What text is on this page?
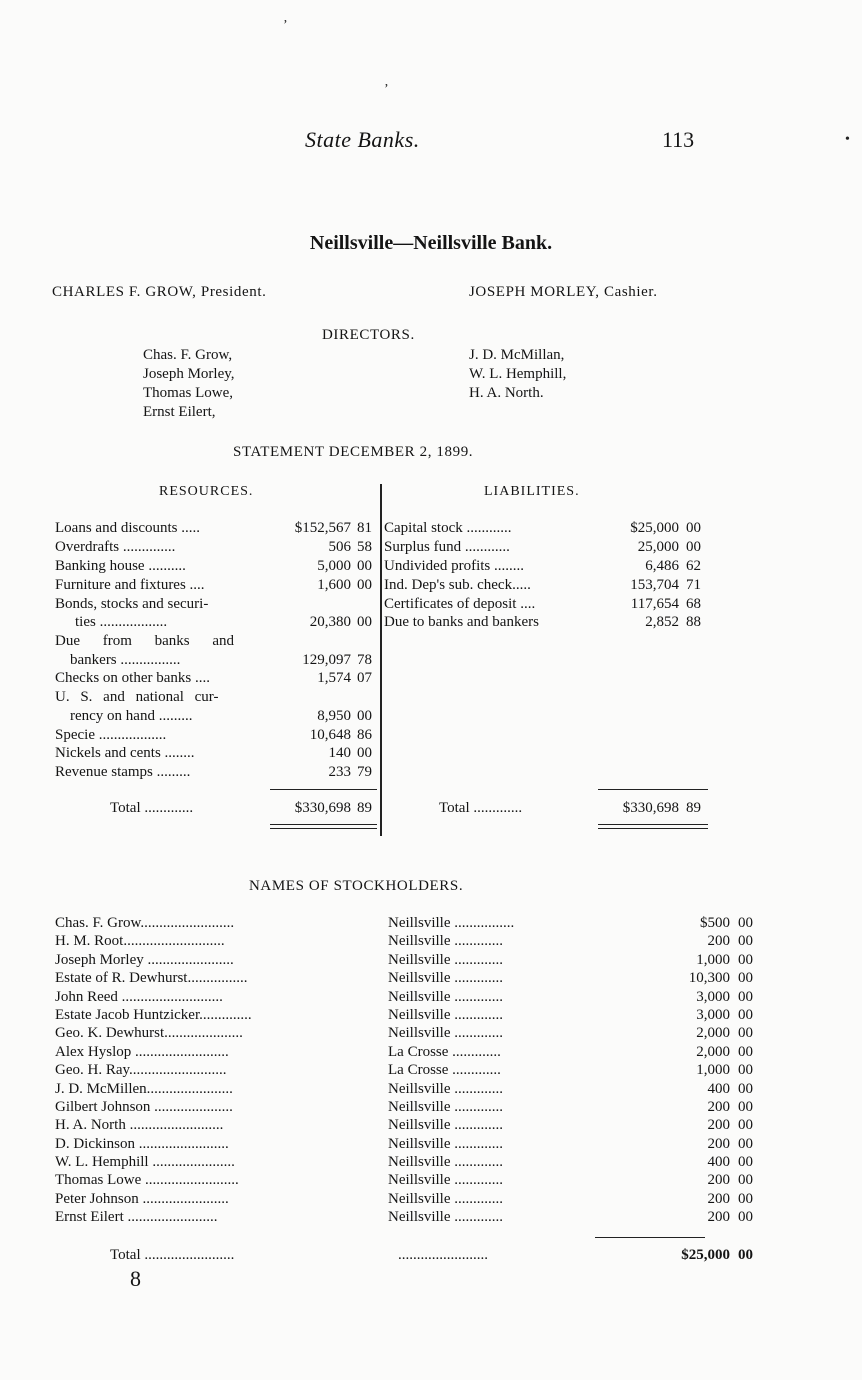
ʼ
ʼ
•
State Banks.	113
Neillsville—Neillsville Bank.
CHARLES F. GROW, President.	JOSEPH MORLEY, Cashier.
DIRECTORS.
Chas. F. Grow,
Joseph Morley,
Thomas Lowe,
Ernst Eilert,
J. D. McMillan,
W. L. Hemphill,
H. A. North.
STATEMENT DECEMBER 2, 1899.
RESOURCES.	LIABILITIES.
Loans and discounts .....	$152,567 81
Overdrafts ..............	506 58
Banking house ..........	5,000 00
Furniture and fixtures ....	1,600 00
Bonds, stocks and securi-
ties ..................	20,380 00
Due from banks and
bankers ................	129,097 78
Checks on other banks ....	1,574 07
U. S. and national cur-
rency on hand .........	8,950 00
Specie ..................	10,648 86
Nickels and cents ........	140 00
Revenue stamps .........	233 79
Total .............	$330,698 89
Capital stock ............	$25,000 00
Surplus fund ............	25,000 00
Undivided profits ........	6,486 62
Ind. Dep's sub. check.....	153,704 71
Certificates of deposit ....	117,654 68
Due to banks and bankers	2,852 88
Total .............	$330,698 89
NAMES OF STOCKHOLDERS.
Chas. F. Grow.........................	Neillsville ................	$500 00
H. M. Root...........................	Neillsville .............	200 00
Joseph Morley .......................	Neillsville .............	1,000 00
Estate of R. Dewhurst................	Neillsville .............	10,300 00
John Reed ...........................	Neillsville .............	3,000 00
Estate Jacob Huntzicker..............	Neillsville .............	3,000 00
Geo. K. Dewhurst.....................	Neillsville .............	2,000 00
Alex Hyslop .........................	La Crosse .............	2,000 00
Geo. H. Ray..........................	La Crosse .............	1,000 00
J. D. McMillen.......................	Neillsville .............	400 00
Gilbert Johnson .....................	Neillsville .............	200 00
H. A. North .........................	Neillsville .............	200 00
D. Dickinson ........................	Neillsville .............	200 00
W. L. Hemphill ......................	Neillsville .............	400 00
Thomas Lowe .........................	Neillsville .............	200 00
Peter Johnson .......................	Neillsville .............	200 00
Ernst Eilert ........................	Neillsville .............	200 00
Total ........................	........................	$25,000 00
8
